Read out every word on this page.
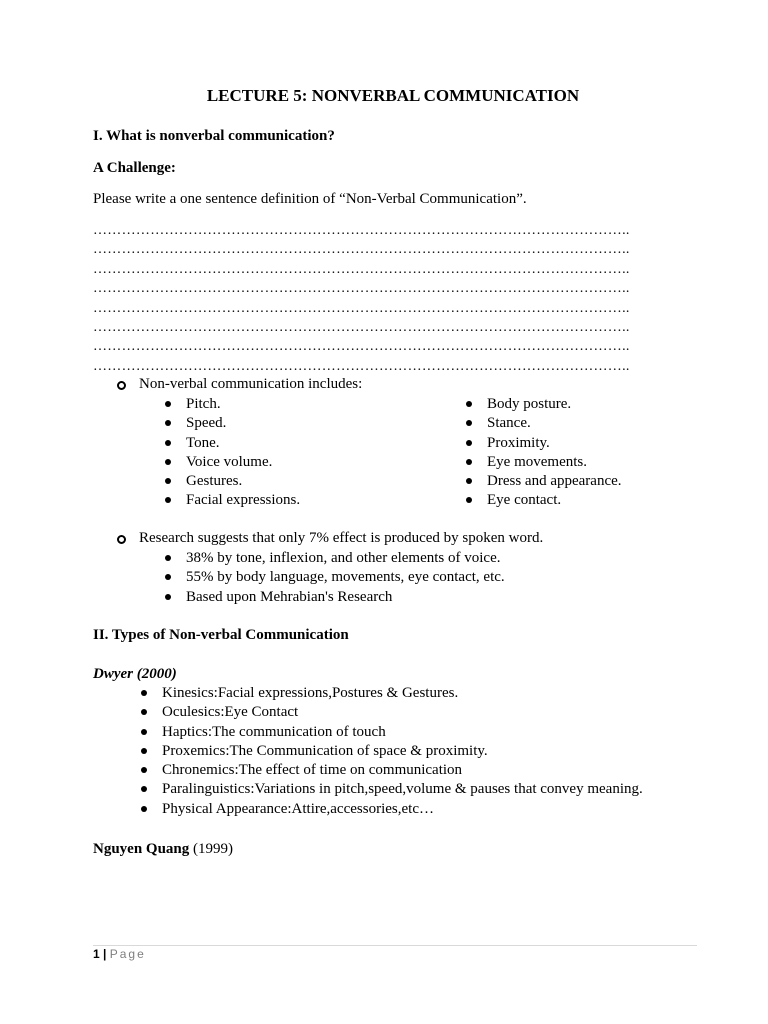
LECTURE 5: NONVERBAL COMMUNICATION
I. What is nonverbal communication?
A Challenge:
Please write a one sentence definition of “Non-Verbal Communication”.
…………………………………………………………………………………………………..
…………………………………………………………………………………………………..
…………………………………………………………………………………………………..
…………………………………………………………………………………………………..
…………………………………………………………………………………………………..
…………………………………………………………………………………………………..
…………………………………………………………………………………………………..
…………………………………………………………………………………………………..
Non-verbal communication includes:
Pitch.
Speed.
Tone.
Voice volume.
Gestures.
Facial expressions.
Body posture.
Stance.
Proximity.
Eye movements.
Dress and appearance.
Eye contact.
Research suggests that only 7% effect is produced by spoken word.
38% by tone, inflexion, and other elements of voice.
55% by body language, movements, eye contact, etc.
Based upon Mehrabian's Research
II. Types of Non-verbal Communication
Dwyer (2000)
Kinesics:Facial expressions,Postures & Gestures.
Oculesics:Eye Contact
Haptics:The communication of touch
Proxemics:The Communication of space & proximity.
Chronemics:The effect of time on communication
Paralinguistics:Variations in pitch,speed,volume & pauses that convey meaning.
Physical Appearance:Attire,accessories,etc…
Nguyen Quang (1999)
1 | Page
